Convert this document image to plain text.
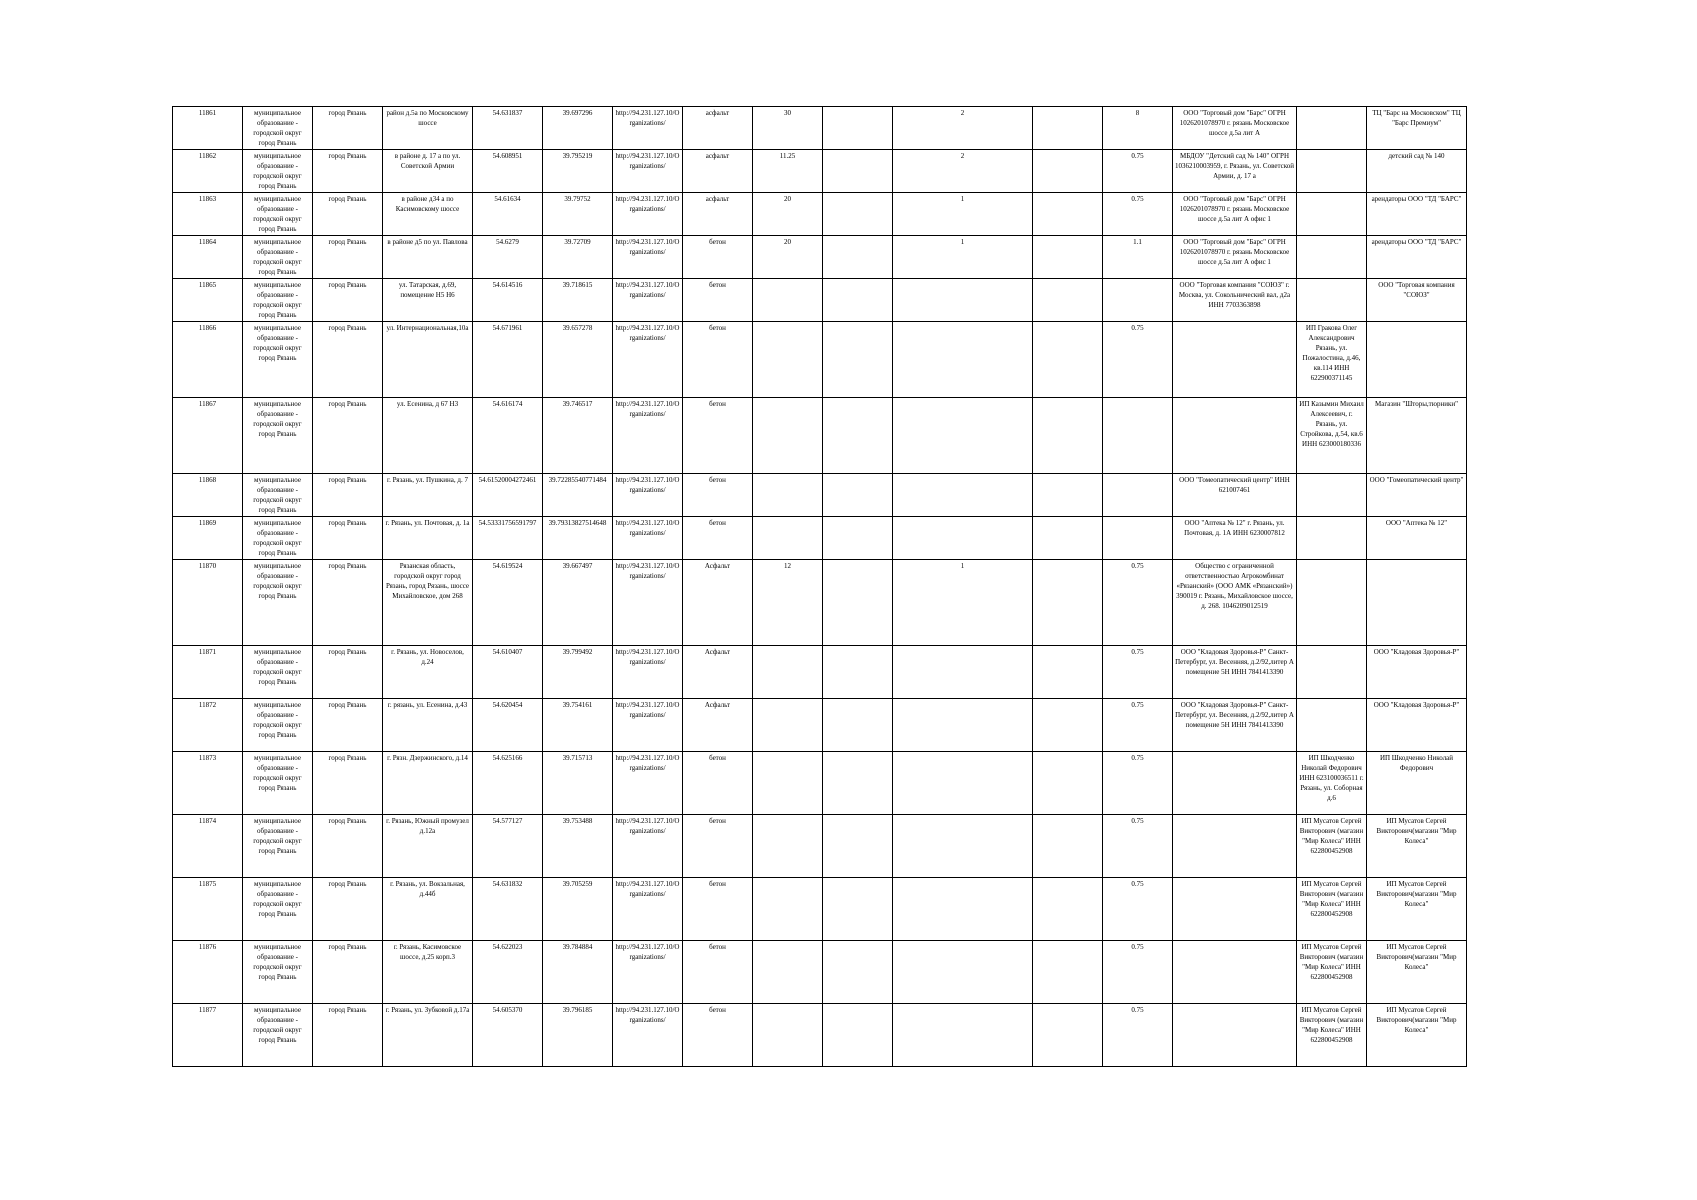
11861	муниципальное образование - городской округ город Рязань	город Рязань	район д.5а по Московскому шоссе	54.631837	39.697296	http://94.231.127.10/Organizations/	асфальт	30		2		8	ООО "Торговый дом "Барс" ОГРН 1026201078970 г. рязань Московское шоссе д.5а лит А		ТЦ "Барс на Московском" ТЦ "Барс Премиум"
11862	муниципальное образование - городской округ город Рязань	город Рязань	в районе д. 17 а по ул. Советской Армии	54.608951	39.795219	http://94.231.127.10/Organizations/	асфальт	11.25		2		0.75	МБДОУ "Детский сад № 140" ОГРН 1036210003959, г. Рязань, ул. Советской Армии, д. 17 а		детский сад № 140
11863	муниципальное образование - городской округ город Рязань	город Рязань	в районе д34 а по Касимовскому шоссе	54.61634	39.79752	http://94.231.127.10/Organizations/	асфальт	20		1		0.75	ООО "Торговый дом "Барс" ОГРН 1026201078970 г. рязань Московское шоссе д.5а лит А офис 1		арендаторы ООО "ТД "БАРС"
11864	муниципальное образование - городской округ город Рязань	город Рязань	в районе д5 по ул. Павлова	54.6279	39.72709	http://94.231.127.10/Organizations/	бетон	20		1		1.1	ООО "Торговый дом "Барс" ОГРН 1026201078970 г. рязань Московское шоссе д.5а лит А офис 1		арендаторы ООО "ТД "БАРС"
11865	муниципальное образование - городской округ город Рязань	город Рязань	ул. Татарская, д.69, помещение Н5 Н6	54.614516	39.718615	http://94.231.127.10/Organizations/	бетон						ООО "Торговая компания "СОЮЗ" г. Москва, ул. Сокольнический вал, д2а ИНН 7703363898		ООО "Торговая компания "СОЮЗ"
11866	муниципальное образование - городской округ город Рязань	город Рязань	ул. Интернациональная,10а	54.671961	39.657278	http://94.231.127.10/Organizations/	бетон					0.75		ИП Гракова Олег Александрович Рязань, ул. Пожалостина, д.46, кв.114 ИНН 622900371145	
11867	муниципальное образование - городской округ город Рязань	город Рязань	ул. Есенина, д 67 Н3	54.616174	39.746517	http://94.231.127.10/Organizations/	бетон							ИП Казымин Михаил Алексеевич, г. Рязань, ул. Стройкова, д.54, кв.6 ИНН 623000180336	Магазин "Шторы,тюрники"
11868	муниципальное образование - городской округ город Рязань	город Рязань	г. Рязань, ул. Пушкина, д. 7	54.61520004272461	39.72285540771484	http://94.231.127.10/Organizations/	бетон						ООО "Гомеопатический центр" ИНН 621007461		ООО "Гомеопатический центр"
11869	муниципальное образование - городской округ город Рязань	город Рязань	г. Рязань, ул. Почтовая, д. 1а	54.53331756591797	39.79313827514648	http://94.231.127.10/Organizations/	бетон						ООО "Аптека № 12" г. Рязань, ул. Почтовая, д. 1А ИНН 6230007812		ООО "Аптека № 12"
11870	муниципальное образование - городской округ город Рязань	город Рязань	Рязанская область, городской округ город Рязань, город Рязань, шоссе Михайловское, дом 268	54.619524	39.667497	http://94.231.127.10/Organizations/	Асфальт	12		1		0.75	Общество с ограниченной ответственностью Агрокомбинат «Рязанский» (ООО АМК «Рязанский») 390019 г. Рязань, Михайловское шоссе, д. 268. 1046209012519		
11871	муниципальное образование - городской округ город Рязань	город Рязань	г. Рязань, ул. Новоселов, д.24	54.610407	39.799492	http://94.231.127.10/Organizations/	Асфальт					0.75	ООО "Кладовая Здоровья-Р" Санкт-Петербург, ул. Весенняя, д.2/92,литер А помещение 5Н ИНН 7841413390		ООО "Кладовая Здоровья-Р"
11872	муниципальное образование - городской округ город Рязань	город Рязань	г. рязань, ул. Есенина, д.43	54.620454	39.754161	http://94.231.127.10/Organizations/	Асфальт					0.75	ООО "Кладовая Здоровья-Р" Санкт-Петербург, ул. Весенняя, д.2/92,литер А помещение 5Н ИНН 7841413390		ООО "Кладовая Здоровья-Р"
11873	муниципальное образование - городской округ город Рязань	город Рязань	г. Рязн. Дзержинского, д.14	54.625166	39.715713	http://94.231.127.10/Organizations/	бетон					0.75		ИП Шкодченко Николай Федорович ИНН 623100036511 г. Рязань, ул. Соборная д.6	ИП Шкодченко Николай Федорович
11874	муниципальное образование - городской округ город Рязань	город Рязань	г. Рязань, Южный промузел д.12а	54.577127	39.753488	http://94.231.127.10/Organizations/	бетон					0.75		ИП Мусатов Сергей Викторович (магазин "Мир Колеса" ИНН 622800452908	ИП Мусатов Сергей Викторович(магазин "Мир Колеса"
11875	муниципальное образование - городской округ город Рязань	город Рязань	г. Рязань, ул. Вокзальная, д.44б	54.631832	39.705259	http://94.231.127.10/Organizations/	бетон					0.75		ИП Мусатов Сергей Викторович (магазин "Мир Колеса" ИНН 622800452908	ИП Мусатов Сергей Викторович(магазин "Мир Колеса"
11876	муниципальное образование - городской округ город Рязань	город Рязань	г. Рязань, Касимовское шоссе, д.25 корп.3	54.622023	39.784884	http://94.231.127.10/Organizations/	бетон					0.75		ИП Мусатов Сергей Викторович (магазин "Мир Колеса" ИНН 622800452908	ИП Мусатов Сергей Викторович(магазин "Мир Колеса"
11877	муниципальное образование - городской округ город Рязань	город Рязань	г. Рязань, ул. Зубковой д.17а	54.605370	39.796185	http://94.231.127.10/Organizations/	бетон					0.75		ИП Мусатов Сергей Викторович (магазин "Мир Колеса" ИНН 622800452908	ИП Мусатов Сергей Викторович(магазин "Мир Колеса"
